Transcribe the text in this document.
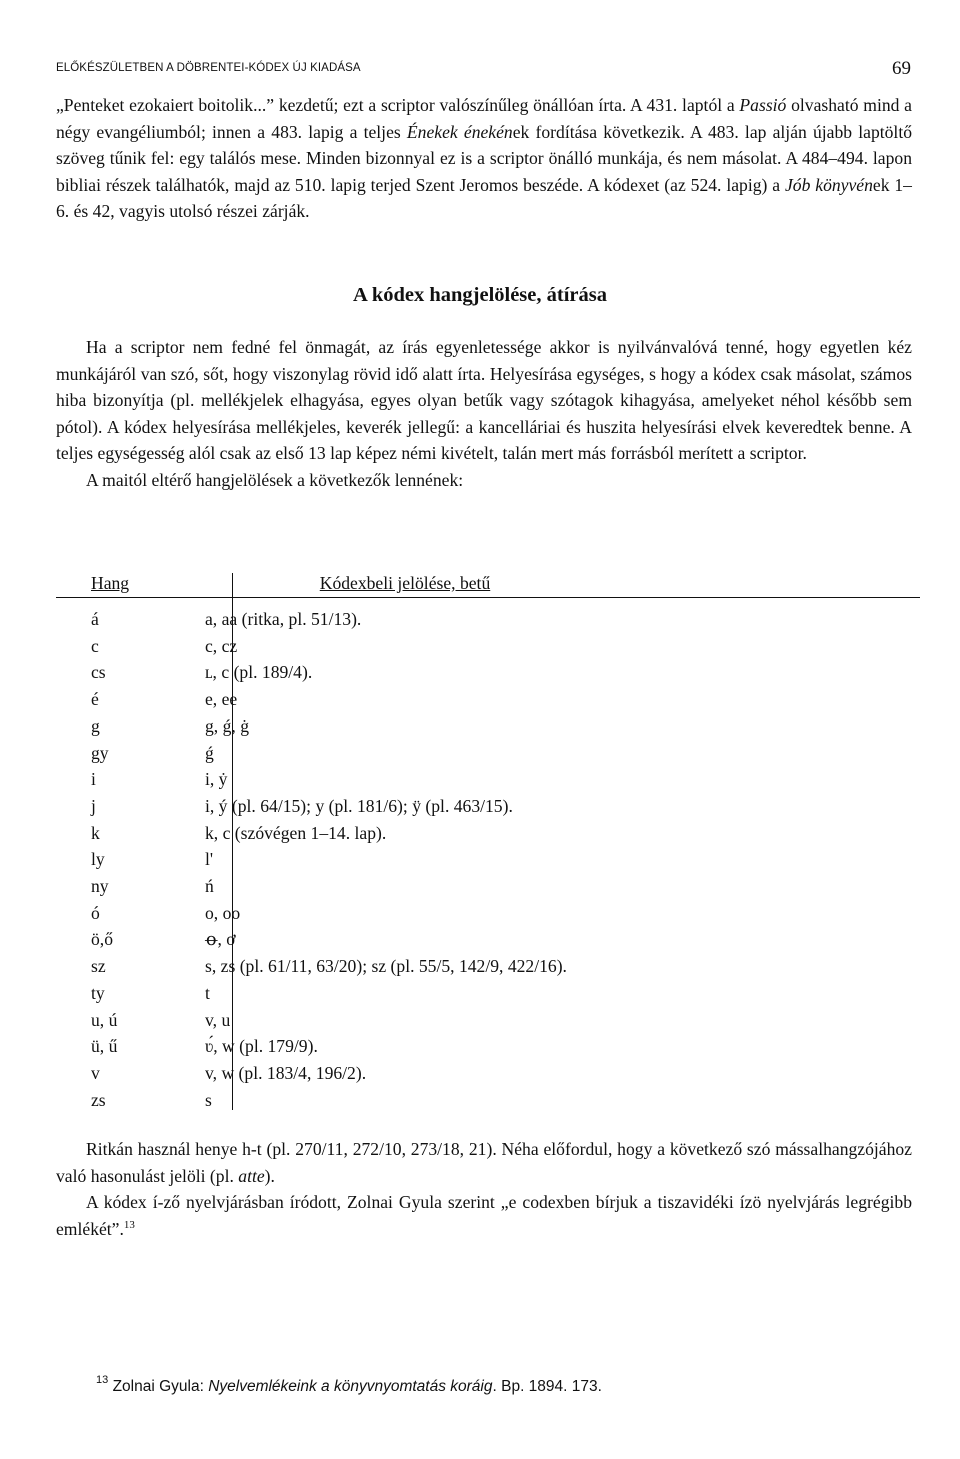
ELŐKÉSZÜLETBEN A DÖBRENTEI-KÓDEX ÚJ KIADÁSA	69

„Penteket ezokaiert boitolik...” kezdetű; ezt a scriptor valószínűleg önállóan írta. A 431. laptól a Passió olvasható mind a négy evangéliumból; innen a 483. lapig a teljes Énekek énekének fordítása következik. A 483. lap alján újabb laptöltő szöveg tűnik fel: egy találós mese. Minden bizonnyal ez is a scriptor önálló munkája, és nem másolat. A 484–494. lapon bibliai részek találhatók, majd az 510. lapig terjed Szent Jeromos beszéde. A kódexet (az 524. lapig) a Jób könyvének 1–6. és 42, vagyis utolsó részei zárják.

A kódex hangjelölése, átírása

Ha a scriptor nem fedné fel önmagát, az írás egyenletessége akkor is nyilvánvalóvá tenné, hogy egyetlen kéz munkájáról van szó, sőt, hogy viszonylag rövid idő alatt írta. Helyesírása egységes, s hogy a kódex csak másolat, számos hiba bizonyítja (pl. mellékjelek elhagyása, egyes olyan betűk vagy szótagok kihagyása, amelyeket néhol később sem pótol). A kódex helyesírása mellékjeles, keverék jellegű: a kancelláriai és huszita helyesírási elvek keveredtek benne. A teljes egységesség alól csak az első 13 lap képez némi kivételt, talán mert más forrásból merített a scriptor.

A maitól eltérő hangjelölések a következők lennének:

Hang	Kódexbeli jelölése, betű
á	a, aa (ritka, pl. 51/13).
c	c, cz
cs	ʟ, c (pl. 189/4).
é	e, ee
g	g, ǵ, ġ
gy	ǵ
i	i, ẏ
j	i, ý (pl. 64/15); y (pl. 181/6); ÿ (pl. 463/15).
k	k, c (szóvégen 1–14. lap).
ly	l'
ny	ń
ó	o, oo
ö,ő	ꝋ, ơ
sz	s, zs (pl. 61/11, 63/20); sz (pl. 55/5, 142/9, 422/16).
ty	t
u, ú	v, u
ü, ű	ʋ́, w (pl. 179/9).
v	v, w (pl. 183/4, 196/2).
zs	s

Ritkán használ henye h-t (pl. 270/11, 272/10, 273/18, 21). Néha előfordul, hogy a következő szó mássalhangzójához való hasonulást jelöli (pl. atte).

A kódex í-ző nyelvjárásban íródott, Zolnai Gyula szerint „e codexben bírjuk a tiszavidéki ízö nyelvjárás legrégibb emlékét”.$^{13}$

$^{13}$ Zolnai Gyula: Nyelvemlékeink a könyvnyomtatás koráig. Bp. 1894. 173.
